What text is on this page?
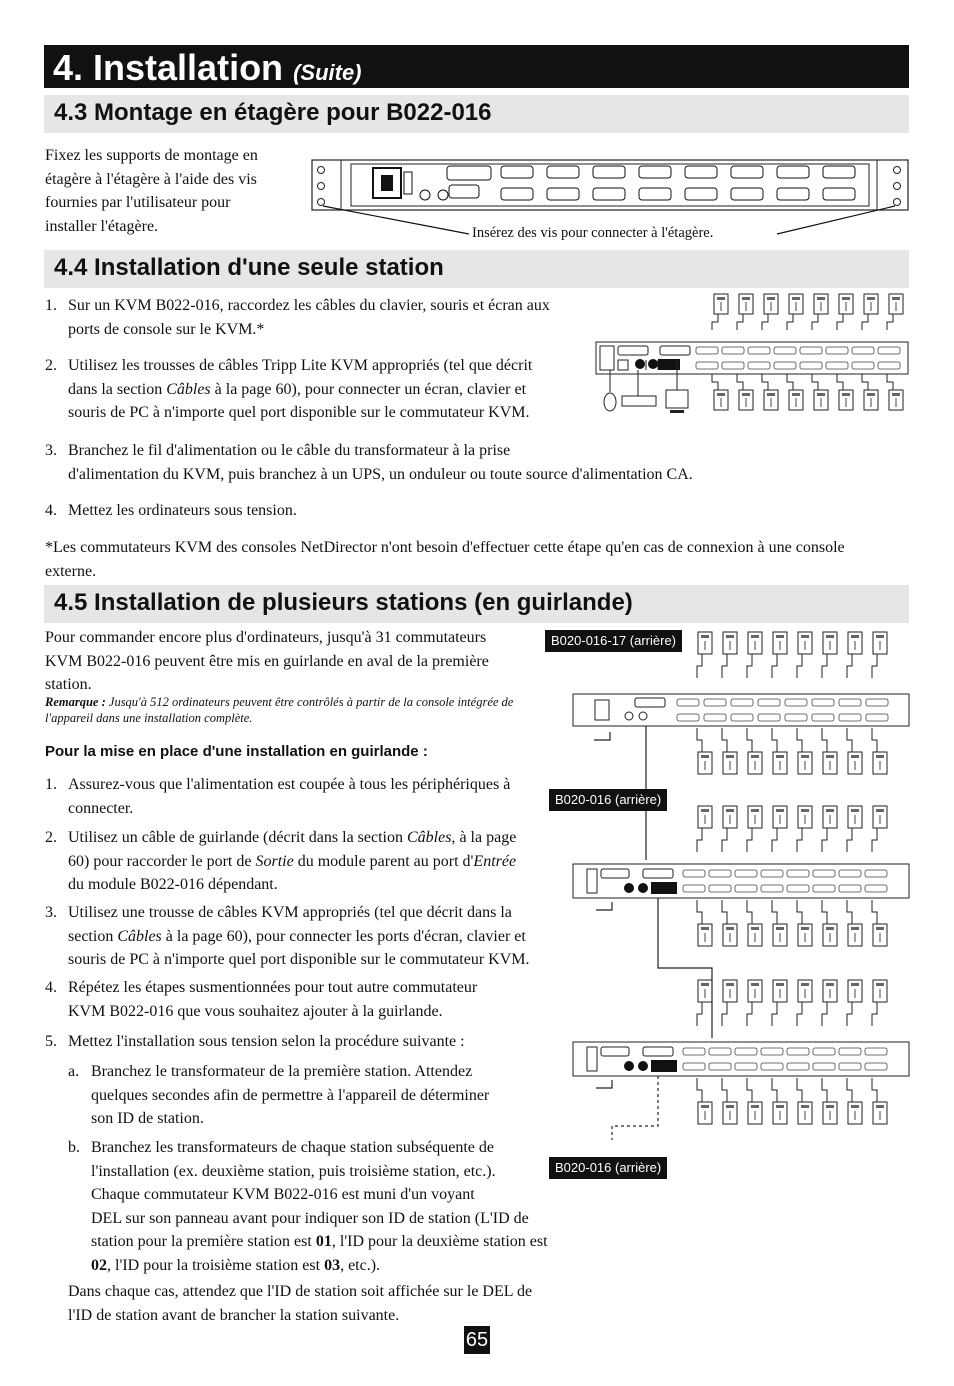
4. Installation (Suite)
4.3 Montage en étagère pour B022-016
Fixez les supports de montage en
étagère à l'étagère à l'aide des vis
fournies par l'utilisateur pour
installer l'étagère.	Insérez des vis pour connecter à l'étagère.
4.4 Installation d'une seule station
1. Sur un KVM B022-016, raccordez les câbles du clavier, souris et écran aux
ports de console sur le KVM.*
2. Utilisez les trousses de câbles Tripp Lite KVM appropriés (tel que décrit
dans la section Câbles à la page 60), pour connecter un écran, clavier et
souris de PC à n'importe quel port disponible sur le commutateur KVM.
3. Branchez le fil d'alimentation ou le câble du transformateur à la prise
d'alimentation du KVM, puis branchez à un UPS, un onduleur ou toute source d'alimentation CA.
4. Mettez les ordinateurs sous tension.
*Les commutateurs KVM des consoles NetDirector n'ont besoin d'effectuer cette étape qu'en cas de connexion à une console
externe.
4.5 Installation de plusieurs stations (en guirlande)
Pour commander encore plus d'ordinateurs, jusqu'à 31 commutateurs
KVM B022-016 peuvent être mis en guirlande en aval de la première
station.
Remarque : Jusqu'à 512 ordinateurs peuvent être contrôlés à partir de la console intégrée de
l'appareil dans une installation complète.
Pour la mise en place d'une installation en guirlande :
1. Assurez-vous que l'alimentation est coupée à tous les périphériques à
connecter.
2. Utilisez un câble de guirlande (décrit dans la section Câbles, à la page
60) pour raccorder le port de Sortie du module parent au port d'Entrée
du module B022-016 dépendant.
3. Utilisez une trousse de câbles KVM appropriés (tel que décrit dans la
section Câbles à la page 60), pour connecter les ports d'écran, clavier et
souris de PC à n'importe quel port disponible sur le commutateur KVM.
4. Répétez les étapes susmentionnées pour tout autre commutateur
KVM B022-016 que vous souhaitez ajouter à la guirlande.
5. Mettez l'installation sous tension selon la procédure suivante :
a. Branchez le transformateur de la première station. Attendez
quelques secondes afin de permettre à l'appareil de déterminer
son ID de station.
b. Branchez les transformateurs de chaque station subséquente de
l'installation (ex. deuxième station, puis troisième station, etc.).
Chaque commutateur KVM B022-016 est muni d'un voyant
DEL sur son panneau avant pour indiquer son ID de station (L'ID de
station pour la première station est 01, l'ID pour la deuxième station est
02, l'ID pour la troisième station est 03, etc.).
Dans chaque cas, attendez que l'ID de station soit affichée sur le DEL de
l'ID de station avant de brancher la station suivante.
B020-016-17 (arrière)
B020-016 (arrière)
B020-016 (arrière)
65
